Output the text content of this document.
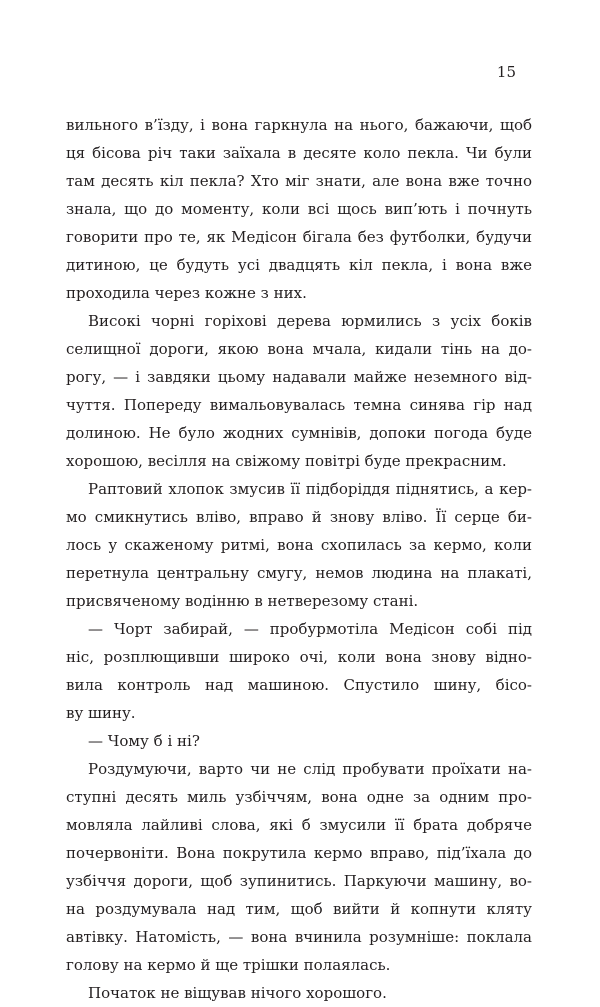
15
вильного в’їзду, і вона гаркнула на нього, бажаючи, щоб
ця бісова річ таки заїхала в десяте коло пекла. Чи були
там десять кіл пекла? Хто міг знати, але вона вже точно
знала, що до моменту, коли всі щось вип’ють і почнуть
говорити про те, як Медісон бігала без футболки, будучи
дитиною, це будуть усі двадцять кіл пекла, і вона вже
проходила через кожне з них.
Високі чорні горіхові дерева юрмились з усіх боків
селищної дороги, якою вона мчала, кидали тінь на до-
рогу, — і завдяки цьому надавали майже неземного від-
чуття. Попереду вимальовувалась темна синява гір над
долиною. Не було жодних сумнівів, допоки погода буде
хорошою, весілля на свіжому повітрі буде прекрасним.
Раптовий хлопок змусив її підборіддя піднятись, а кер-
мо смикнутись вліво, вправо й знову вліво. Її серце би-
лось у скаженому ритмі, вона схопилась за кермо, коли
перетнула центральну смугу, немов людина на плакаті,
присвяченому водінню в нетверезому стані.
— Чорт забирай, — пробурмотіла Медісон собі під
ніс, розплющивши широко очі, коли вона знову відно-
вила контроль над машиною. Спустило шину, бісо-
ву шину.
— Чому б і ні?
Роздумуючи, варто чи не слід пробувати проїхати на-
ступні десять миль узбіччям, вона одне за одним про-
мовляла лайливі слова, які б змусили її брата добряче
почервоніти. Вона покрутила кермо вправо, під’їхала до
узбіччя дороги, щоб зупинитись. Паркуючи машину, во-
на роздумувала над тим, щоб вийти й копнути кляту
автівку. Натомість, — вона вчинила розумніше: поклала
голову на кермо й ще трішки полаялась.
Початок не віщував нічого хорошого.
